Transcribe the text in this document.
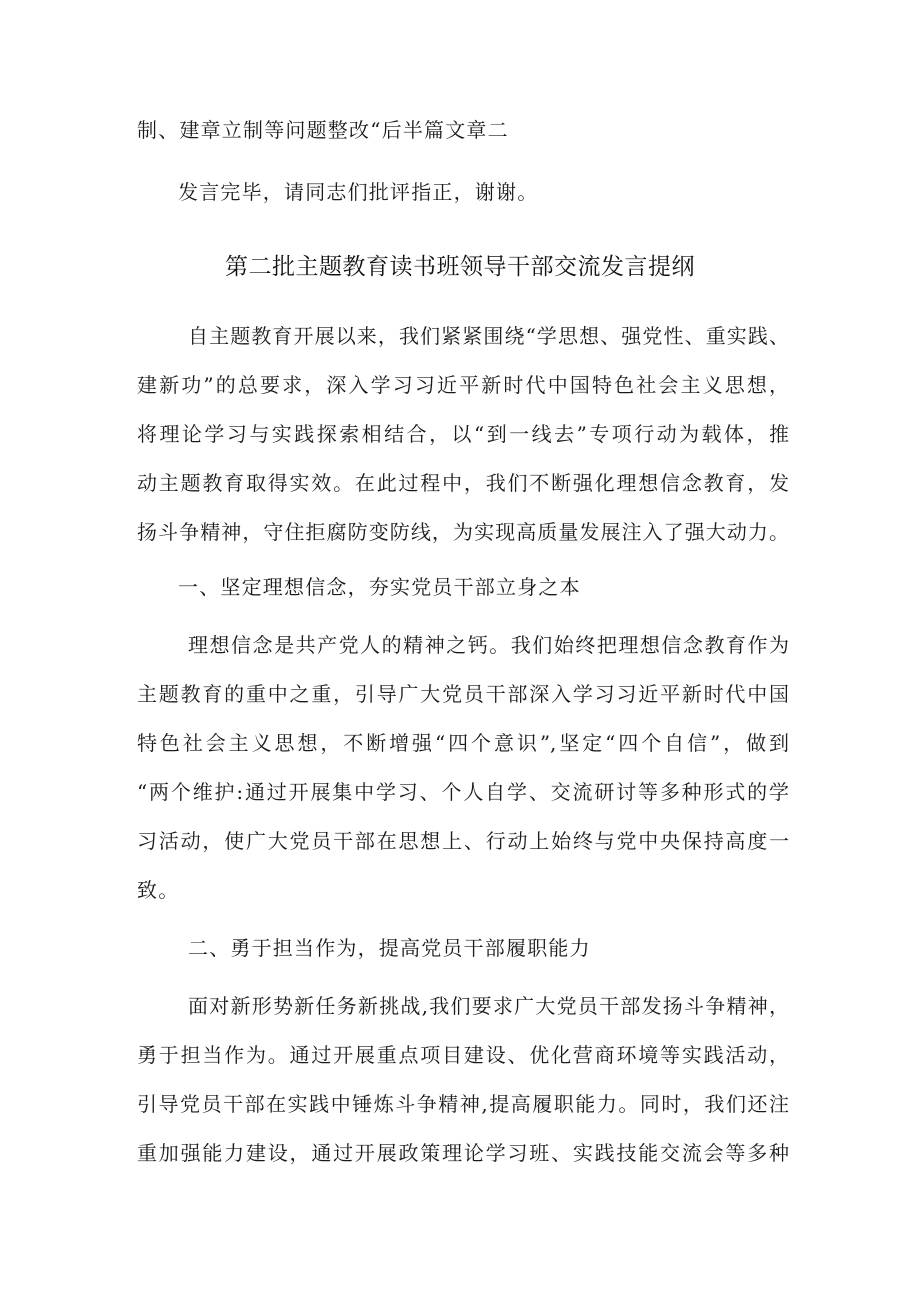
制、建章立制等问题整改“后半篇文章二
发言完毕，请同志们批评指正，谢谢。
第二批主题教育读书班领导干部交流发言提纲
自主题教育开展以来，我们紧紧围绕“学思想、强党性、重实践、
建新功”的总要求，深入学习习近平新时代中国特色社会主义思想，
将理论学习与实践探索相结合，以“到一线去”专项行动为载体，推
动主题教育取得实效。在此过程中，我们不断强化理想信念教育，发
扬斗争精神，守住拒腐防变防线，为实现高质量发展注入了强大动力。
一、坚定理想信念，夯实党员干部立身之本
理想信念是共产党人的精神之钙。我们始终把理想信念教育作为
主题教育的重中之重，引导广大党员干部深入学习习近平新时代中国
特色社会主义思想，不断增强“四个意识”,坚定“四个自信”，做到
“两个维护:通过开展集中学习、个人自学、交流研讨等多种形式的学
习活动，使广大党员干部在思想上、行动上始终与党中央保持高度一
致。
二、勇于担当作为，提高党员干部履职能力
面对新形势新任务新挑战,我们要求广大党员干部发扬斗争精神，
勇于担当作为。通过开展重点项目建设、优化营商环境等实践活动，
引导党员干部在实践中锤炼斗争精神,提高履职能力。同时，我们还注
重加强能力建设，通过开展政策理论学习班、实践技能交流会等多种
